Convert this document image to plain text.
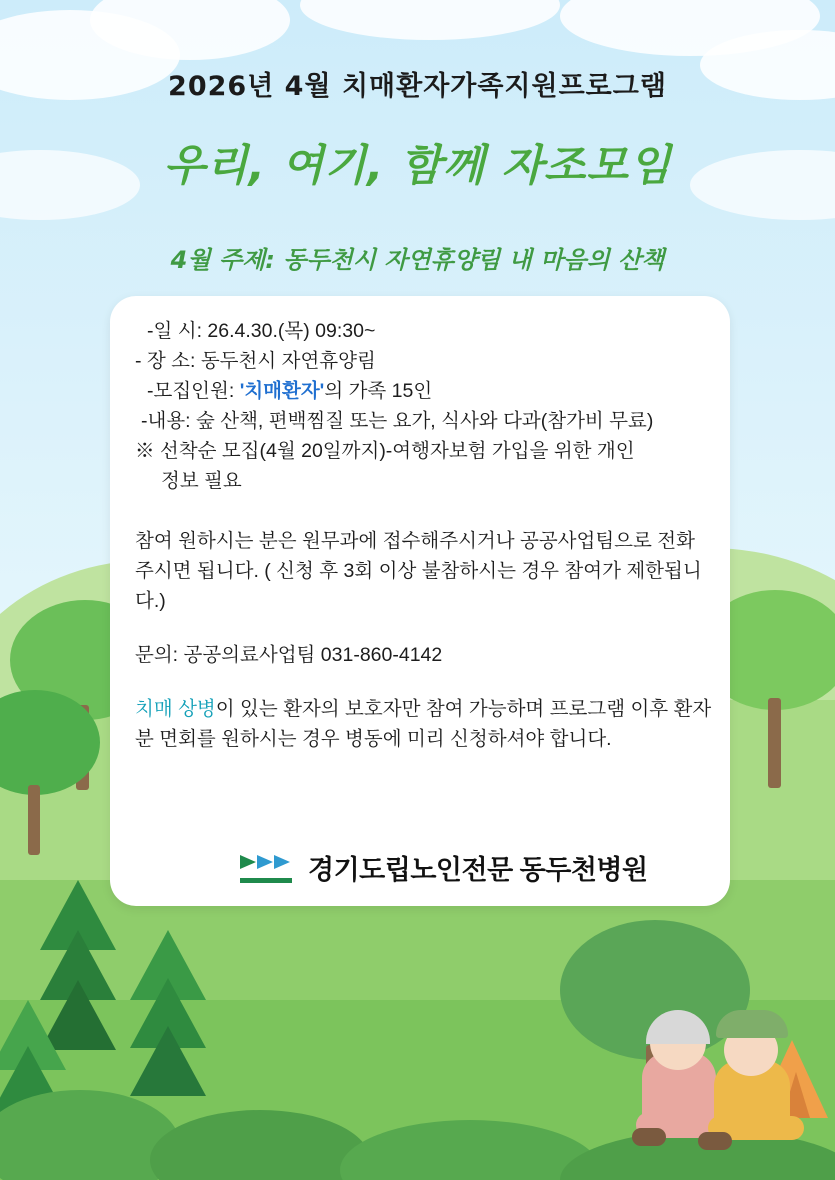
2026년 4월 치매환자가족지원프로그램
우리, 여기, 함께 자조모임
4월 주제: 동두천시 자연휴양림 내 마음의 산책

-일 시: 26.4.30.(목) 09:30~

- 장 소: 동두천시 자연휴양림

-모집인원: '치매환자'의 가족 15인

-내용: 숲 산책, 편백찜질 또는 요가, 식사와 다과(참가비 무료)

※ 선착순 모집(4월 20일까지)-여행자보험 가입을 위한 개인
정보 필요

참여 원하시는 분은 원무과에 접수해주시거나 공공사업팀으로 전화 주시면 됩니다. ( 신청 후 3회 이상 불참하시는 경우 참여가 제한됩니다.)

문의: 공공의료사업팀 031-860-4142

치매 상병이 있는 환자의 보호자만 참여 가능하며 프로그램 이후 환자분 면회를 원하시는 경우 병동에 미리 신청하셔야 합니다.

경기도립노인전문 동두천병원
